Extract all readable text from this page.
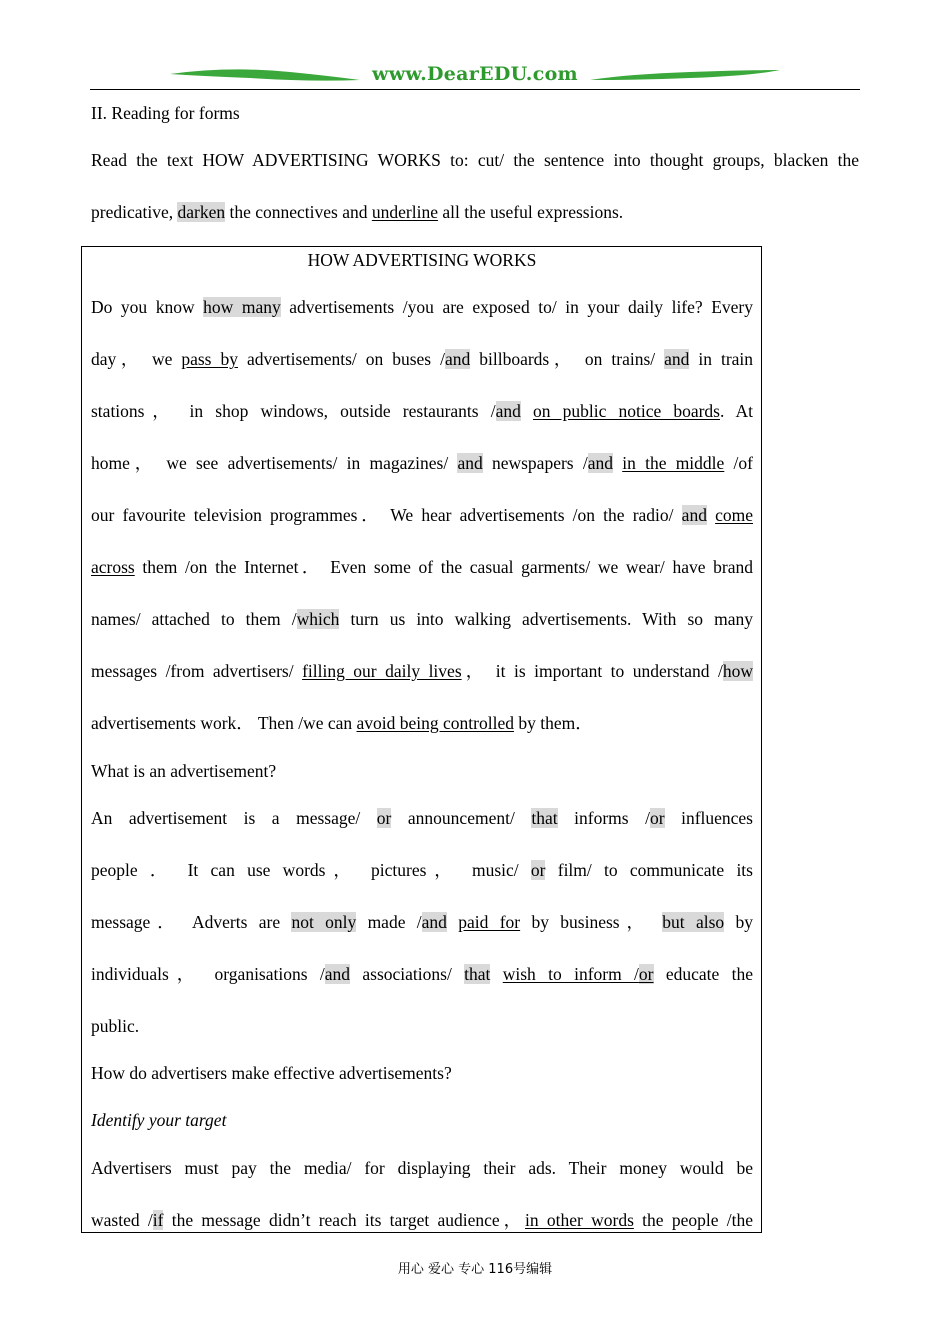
www.DearEDU.com
II. Reading for forms
Read the text HOW ADVERTISING WORKS to: cut/ the sentence into thought groups, blacken the
predicative, darken the connectives and underline all the useful expressions.
HOW ADVERTISING WORKS
Do you know how many advertisements /you are exposed to/ in your daily life? Every
day， we pass by advertisements/ on buses /and billboards， on trains/ and in train
stations， in shop windows, outside restaurants /and on public notice boards. At
home， we see advertisements/ in magazines/ and newspapers /and in the middle /of
our favourite television programmes． We hear advertisements /on the radio/ and come
across them /on the Internet． Even some of the casual garments/ we wear/ have brand
names/ attached to them /which turn us into walking advertisements. With so many
messages /from advertisers/ filling our daily lives， it is important to understand /how
advertisements work． Then /we can avoid being controlled by them．
What is an advertisement?
An advertisement is a message/ or announcement/ that informs /or influences
people ． It can use words， pictures， music/ or film/ to communicate its
message． Adverts are not only made /and paid for by business， but also by
individuals， organisations /and associations/ that wish to inform /or educate the
public.
How do advertisers make effective advertisements?
Identify your target
Advertisers must pay the media/ for displaying their ads. Their money would be
wasted /if the message didn’t reach its target audience，in other words the people /the
用心 爱心 专心 116号编辑
